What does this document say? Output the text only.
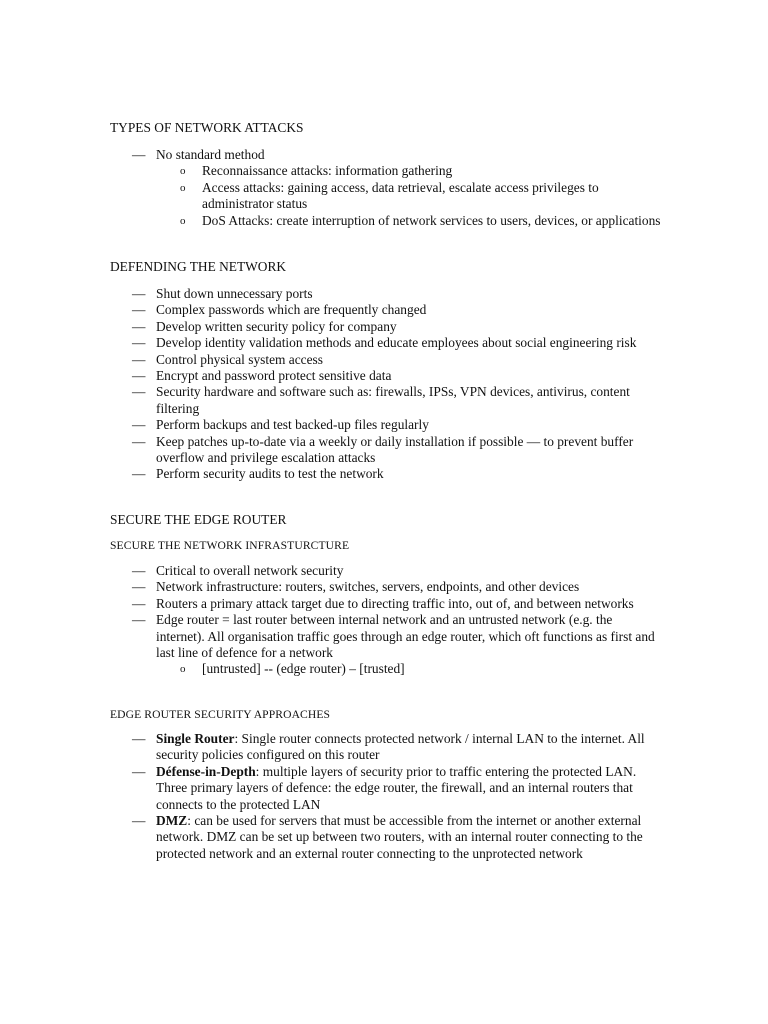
TYPES OF NETWORK ATTACKS
— No standard method
o Reconnaissance attacks: information gathering
o Access attacks: gaining access, data retrieval, escalate access privileges to administrator status
o DoS Attacks: create interruption of network services to users, devices, or applications
DEFENDING THE NETWORK
— Shut down unnecessary ports
— Complex passwords which are frequently changed
— Develop written security policy for company
— Develop identity validation methods and educate employees about social engineering risk
— Control physical system access
— Encrypt and password protect sensitive data
— Security hardware and software such as: firewalls, IPSs, VPN devices, antivirus, content filtering
— Perform backups and test backed-up files regularly
— Keep patches up-to-date via a weekly or daily installation if possible — to prevent buffer overflow and privilege escalation attacks
— Perform security audits to test the network
SECURE THE EDGE ROUTER
SECURE THE NETWORK INFRASTURCTURE
— Critical to overall network security
— Network infrastructure: routers, switches, servers, endpoints, and other devices
— Routers a primary attack target due to directing traffic into, out of, and between networks
— Edge router = last router between internal network and an untrusted network (e.g. the internet). All organisation traffic goes through an edge router, which oft functions as first and last line of defence for a network
o [untrusted] -- (edge router) – [trusted]
EDGE ROUTER SECURITY APPROACHES
— Single Router: Single router connects protected network / internal LAN to the internet. All security policies configured on this router
— Défense-in-Depth: multiple layers of security prior to traffic entering the protected LAN. Three primary layers of defence: the edge router, the firewall, and an internal routers that connects to the protected LAN
— DMZ: can be used for servers that must be accessible from the internet or another external network. DMZ can be set up between two routers, with an internal router connecting to the protected network and an external router connecting to the unprotected network
